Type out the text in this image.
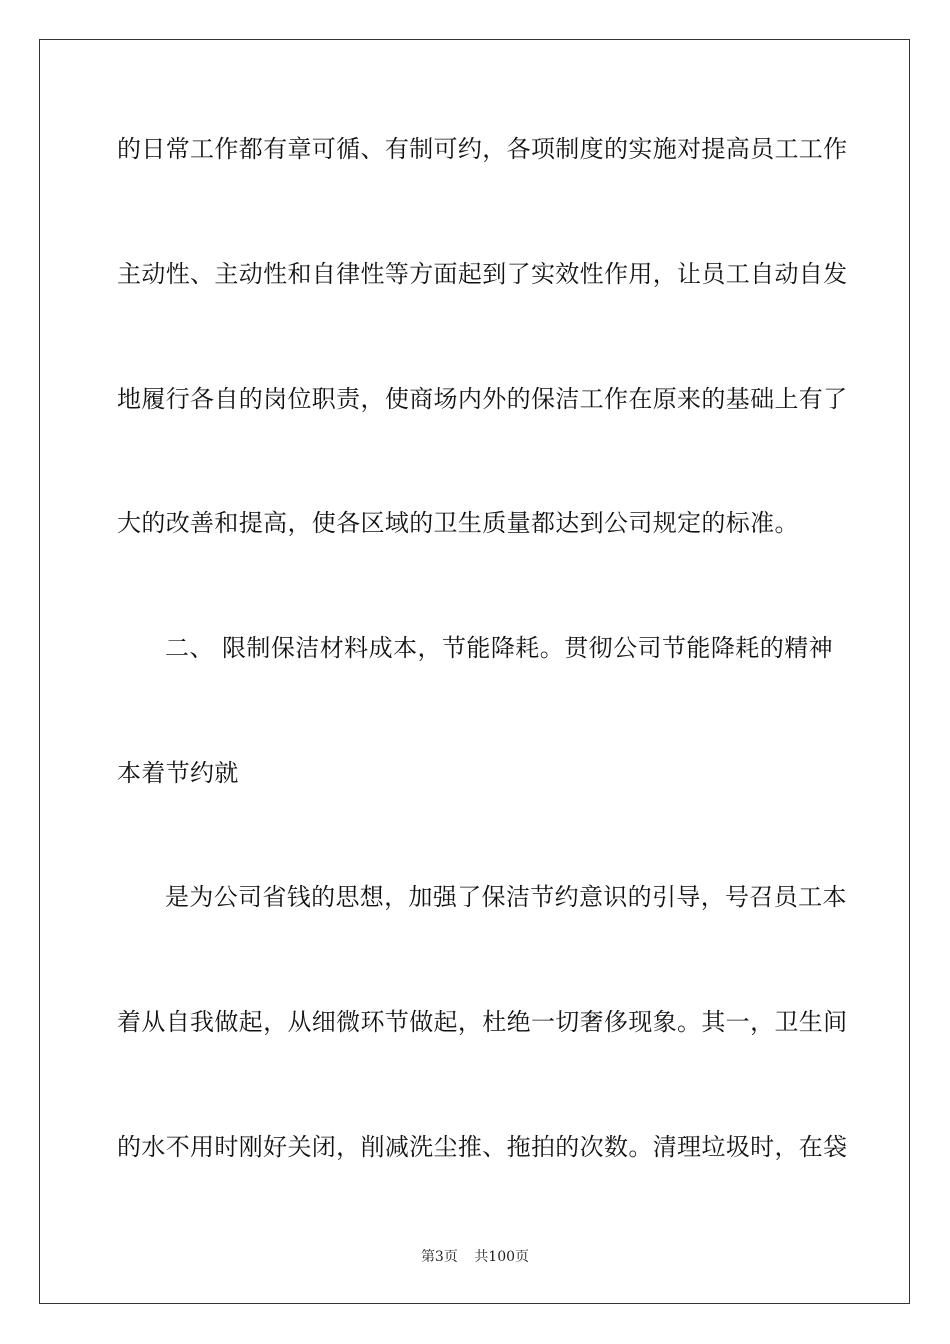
的日常工作都有章可循、有制可约，各项制度的实施对提高员工工作
主动性、主动性和自律性等方面起到了实效性作用，让员工自动自发
地履行各自的岗位职责，使商场内外的保洁工作在原来的基础上有了
大的改善和提高，使各区域的卫生质量都达到公司规定的标准。
二、 限制保洁材料成本，节能降耗。贯彻公司节能降耗的精神
本着节约就
是为公司省钱的思想，加强了保洁节约意识的引导，号召员工本
着从自我做起，从细微环节做起，杜绝一切奢侈现象。其一，卫生间
的水不用时刚好关闭，削减洗尘推、拖拍的次数。清理垃圾时，在袋
第3页 共100页
